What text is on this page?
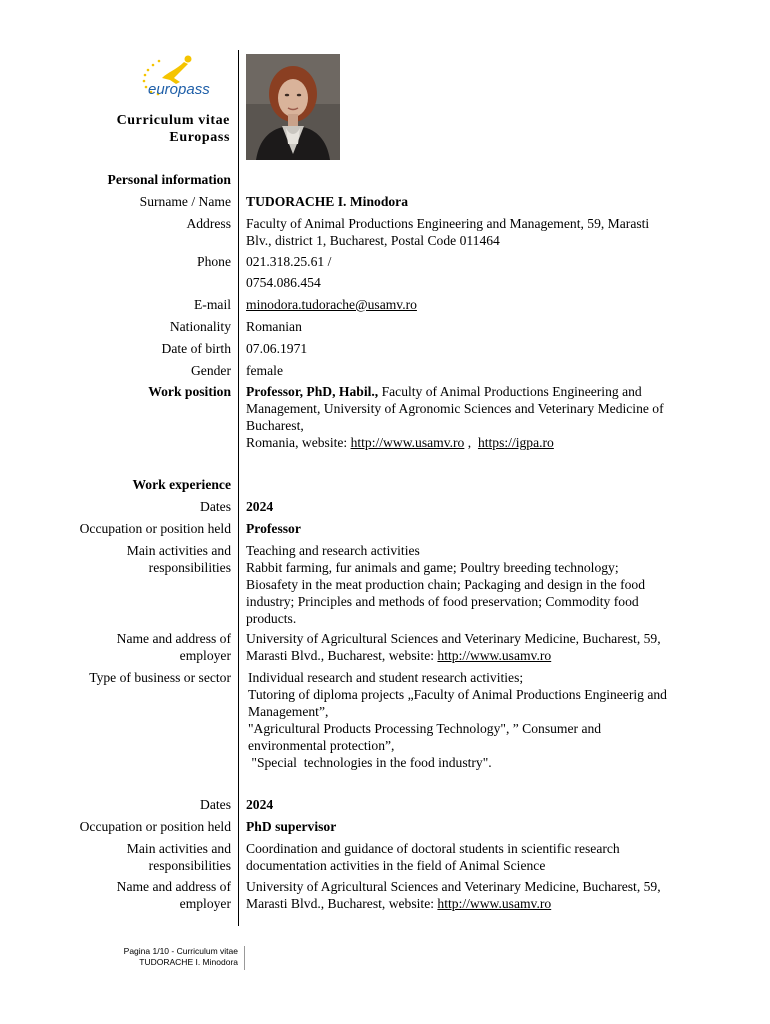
europass
Curriculum vitae
Europass
Personal information
Surname / Name TUDORACHE I. Minodora
Address Faculty of Animal Productions Engineering and Management, 59, Marasti
Blv., district 1, Bucharest, Postal Code 011464
Phone 021.318.25.61 /
0754.086.454
E-mail minodora.tudorache@usamv.ro
Nationality Romanian
Date of birth 07.06.1971
Gender female
Work position Professor, PhD, Habil., Faculty of Animal Productions Engineering and
Management, University of Agronomic Sciences and Veterinary Medicine of
Bucharest,
Romania, website: http://www.usamv.ro ,  https://igpa.ro
Work experience
Dates 2024
Occupation or position held Professor
Main activities and
responsibilities
Teaching and research activities
Rabbit farming, fur animals and game; Poultry breeding technology;
Biosafety in the meat production chain; Packaging and design in the food
industry; Principles and methods of food preservation; Commodity food
products.
Name and address of
employer
University of Agricultural Sciences and Veterinary Medicine, Bucharest, 59,
Marasti Blvd., Bucharest, website: http://www.usamv.ro
Type of business or sector Individual research and student research activities;
Tutoring of diploma projects „Faculty of Animal Productions Engineerig and
Management”,
"Agricultural Products Processing Technology", ” Consumer and
environmental protection”,
"Special  technologies in the food industry".
Dates 2024
Occupation or position held PhD supervisor
Main activities and
responsibilities
Coordination and guidance of doctoral students in scientific research
documentation activities in the field of Animal Science
Name and address of
employer
University of Agricultural Sciences and Veterinary Medicine, Bucharest, 59,
Marasti Blvd., Bucharest, website: http://www.usamv.ro
Pagina 1/10 - Curriculum vitae
TUDORACHE I. Minodora
